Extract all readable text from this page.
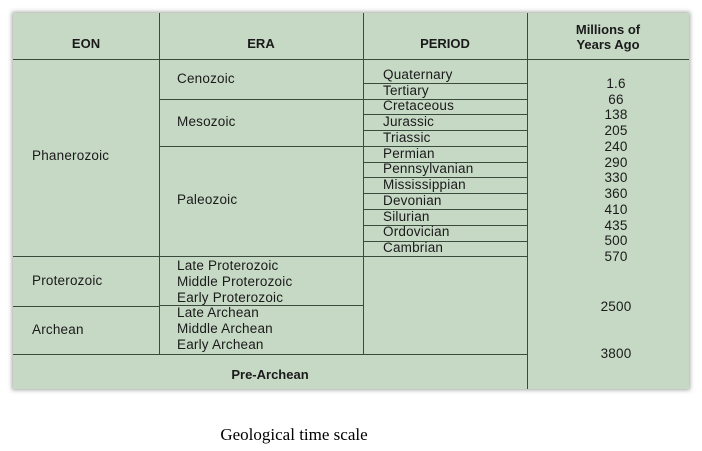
EON	ERA	PERIOD
Millions of
Years Ago
Phanerozoic
Proterozoic
Archean
Cenozoic
Mesozoic
Paleozoic
Late Proterozoic
Middle Proterozoic
Early Proterozoic
Late Archean
Middle Archean
Early Archean
Quaternary
Tertiary
Cretaceous
Jurassic
Triassic
Permian
Pennsylvanian
Mississippian
Devonian
Silurian
Ordovician
Cambrian
1.6
66
138
205
240
290
330
360
410
435
500
570
2500
3800
Pre-Archean
Geological time scale
